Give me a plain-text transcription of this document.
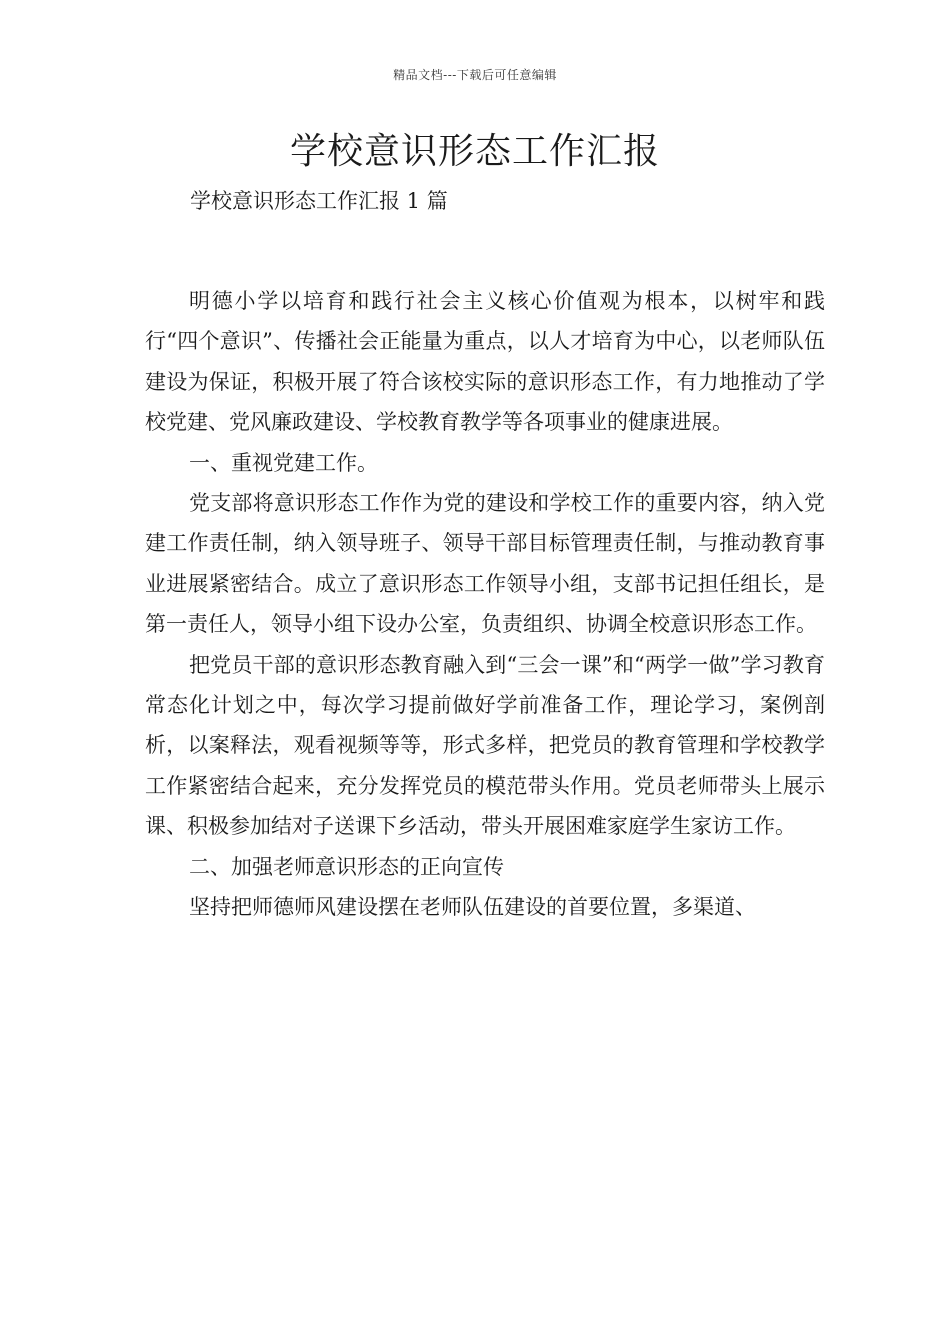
精品文档---下载后可任意编辑
学校意识形态工作汇报

学校意识形态工作汇报 1 篇

明德小学以培育和践行社会主义核心价值观为根本，以树牢和践行“四个意识”、传播社会正能量为重点，以人才培育为中心，以老师队伍建设为保证，积极开展了符合该校实际的意识形态工作，有力地推动了学校党建、党风廉政建设、学校教育教学等各项事业的健康进展。

一、重视党建工作。

党支部将意识形态工作作为党的建设和学校工作的重要内容，纳入党建工作责任制，纳入领导班子、领导干部目标管理责任制，与推动教育事业进展紧密结合。成立了意识形态工作领导小组，支部书记担任组长，是第一责任人，领导小组下设办公室，负责组织、协调全校意识形态工作。

把党员干部的意识形态教育融入到“三会一课”和“两学一做”学习教育常态化计划之中，每次学习提前做好学前准备工作，理论学习，案例剖析，以案释法，观看视频等等，形式多样，把党员的教育管理和学校教学工作紧密结合起来，充分发挥党员的模范带头作用。党员老师带头上展示课、积极参加结对子送课下乡活动，带头开展困难家庭学生家访工作。

二、加强老师意识形态的正向宣传

坚持把师德师风建设摆在老师队伍建设的首要位置，多渠道、
